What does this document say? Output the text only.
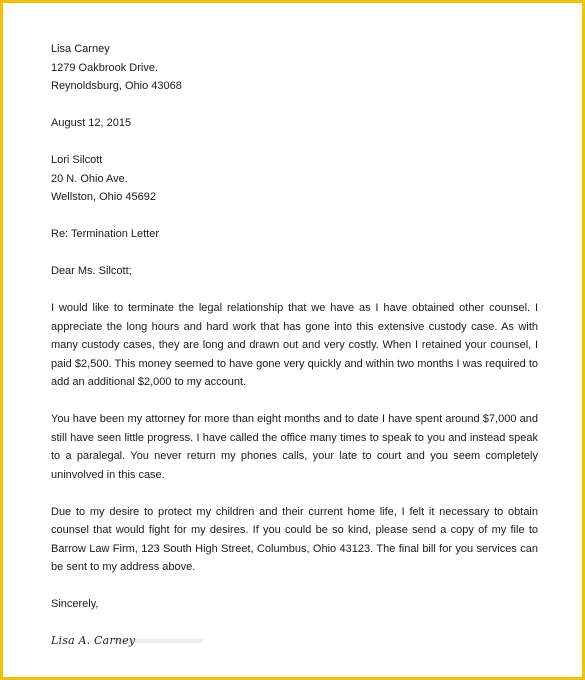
Lisa Carney
1279 Oakbrook Drive.
Reynoldsburg, Ohio 43068
August 12, 2015
Lori Silcott
20 N. Ohio Ave.
Wellston, Ohio 45692
Re: Termination Letter
Dear Ms. Silcott;

I would like to terminate the legal relationship that we have as I have obtained other counsel. I appreciate the long hours and hard work that has gone into this extensive custody case. As with many custody cases, they are long and drawn out and very costly. When I retained your counsel, I paid $2,500. This money seemed to have gone very quickly and within two months I was required to add an additional $2,000 to my account.

You have been my attorney for more than eight months and to date I have spent around $7,000 and still have seen little progress. I have called the office many times to speak to you and instead speak to a paralegal. You never return my phones calls, your late to court and you seem completely uninvolved in this case.

Due to my desire to protect my children and their current home life, I felt it necessary to obtain counsel that would fight for my desires. If you could be so kind, please send a copy of my file to Barrow Law Firm, 123 South High Street, Columbus, Ohio 43123. The final bill for you services can be sent to my address above.

Sincerely,
Lisa A. Carney
